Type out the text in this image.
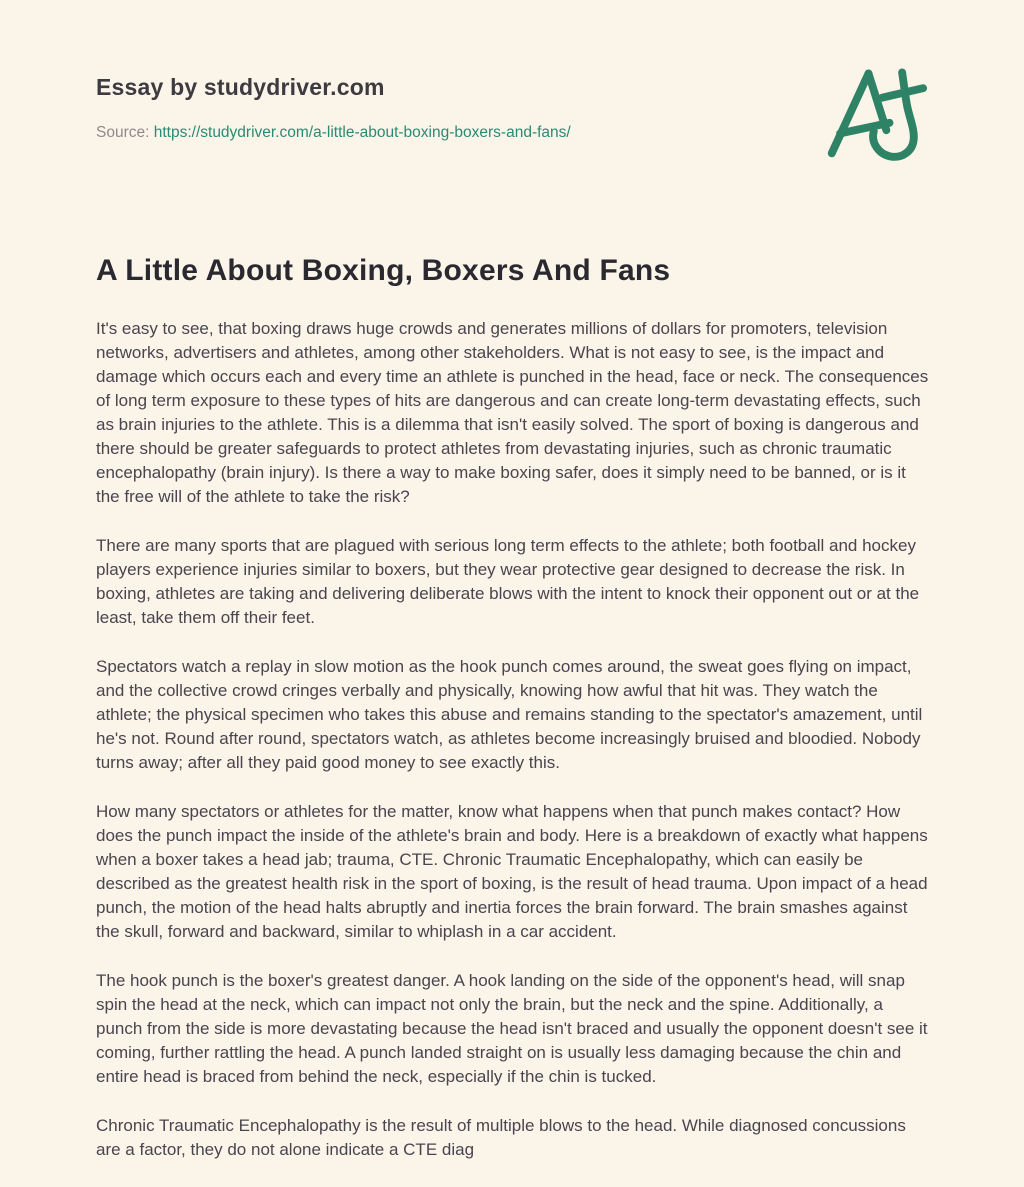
Essay by studydriver.com
Source: https://studydriver.com/a-little-about-boxing-boxers-and-fans/
A Little About Boxing, Boxers And Fans

It's easy to see, that boxing draws huge crowds and generates millions of dollars for promoters, television networks, advertisers and athletes, among other stakeholders. What is not easy to see, is the impact and damage which occurs each and every time an athlete is punched in the head, face or neck. The consequences of long term exposure to these types of hits are dangerous and can create long-term devastating effects, such as brain injuries to the athlete. This is a dilemma that isn't easily solved. The sport of boxing is dangerous and there should be greater safeguards to protect athletes from devastating injuries, such as chronic traumatic encephalopathy (brain injury). Is there a way to make boxing safer, does it simply need to be banned, or is it the free will of the athlete to take the risk?

There are many sports that are plagued with serious long term effects to the athlete; both football and hockey players experience injuries similar to boxers, but they wear protective gear designed to decrease the risk. In boxing, athletes are taking and delivering deliberate blows with the intent to knock their opponent out or at the least, take them off their feet.

Spectators watch a replay in slow motion as the hook punch comes around, the sweat goes flying on impact, and the collective crowd cringes verbally and physically, knowing how awful that hit was. They watch the athlete; the physical specimen who takes this abuse and remains standing to the spectator's amazement, until he's not. Round after round, spectators watch, as athletes become increasingly bruised and bloodied. Nobody turns away; after all they paid good money to see exactly this.

How many spectators or athletes for the matter, know what happens when that punch makes contact? How does the punch impact the inside of the athlete's brain and body. Here is a breakdown of exactly what happens when a boxer takes a head jab; trauma, CTE. Chronic Traumatic Encephalopathy, which can easily be described as the greatest health risk in the sport of boxing, is the result of head trauma. Upon impact of a head punch, the motion of the head halts abruptly and inertia forces the brain forward. The brain smashes against the skull, forward and backward, similar to whiplash in a car accident.

The hook punch is the boxer's greatest danger. A hook landing on the side of the opponent's head, will snap spin the head at the neck, which can impact not only the brain, but the neck and the spine. Additionally, a punch from the side is more devastating because the head isn't braced and usually the opponent doesn't see it coming, further rattling the head. A punch landed straight on is usually less damaging because the chin and entire head is braced from behind the neck, especially if the chin is tucked.

Chronic Traumatic Encephalopathy is the result of multiple blows to the head. While diagnosed concussions are a factor, they do not alone indicate a CTE diag
